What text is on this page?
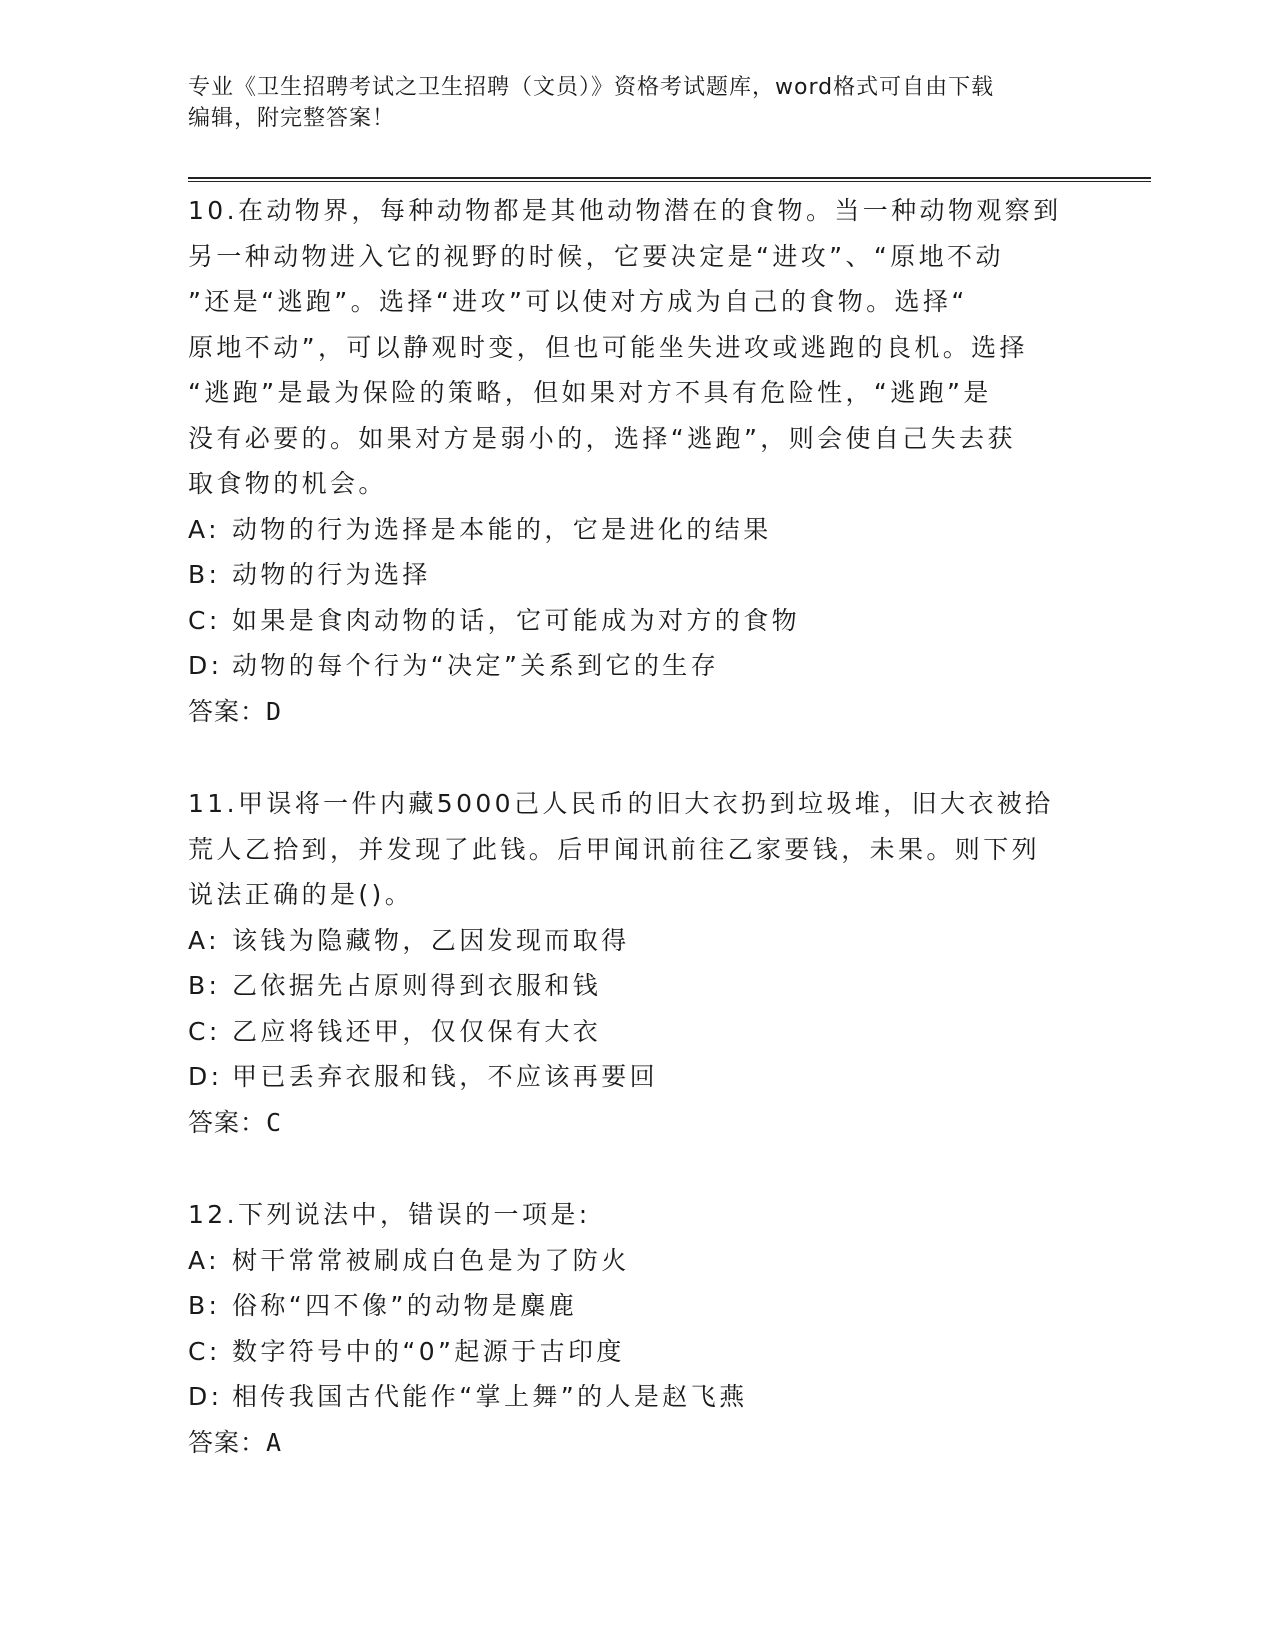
专业《卫生招聘考试之卫生招聘（文员）》资格考试题库，word格式可自由下载
编辑，附完整答案！

10.在动物界，每种动物都是其他动物潜在的食物。当一种动物观察到

另一种动物进入它的视野的时候，它要决定是“进攻”、“原地不动

”还是“逃跑”。选择“进攻”可以使对方成为自己的食物。选择“

原地不动”，可以静观时变，但也可能坐失进攻或逃跑的良机。选择

“逃跑”是最为保险的策略，但如果对方不具有危险性，“逃跑”是

没有必要的。如果对方是弱小的，选择“逃跑”，则会使自己失去获

取食物的机会。

A: 动物的行为选择是本能的，它是进化的结果

B: 动物的行为选择

C: 如果是食肉动物的话，它可能成为对方的食物

D: 动物的每个行为“决定”关系到它的生存

答案：D

11.甲误将一件内藏5000己人民币的旧大衣扔到垃圾堆，旧大衣被拾

荒人乙拾到，并发现了此钱。后甲闻讯前往乙家要钱，未果。则下列

说法正确的是()。

A: 该钱为隐藏物，乙因发现而取得

B: 乙依据先占原则得到衣服和钱

C: 乙应将钱还甲，仅仅保有大衣

D: 甲已丢弃衣服和钱，不应该再要回

答案：C

12.下列说法中，错误的一项是:

A: 树干常常被刷成白色是为了防火

B: 俗称“四不像”的动物是麋鹿

C: 数字符号中的“0”起源于古印度

D: 相传我国古代能作“掌上舞”的人是赵飞燕

答案：A
